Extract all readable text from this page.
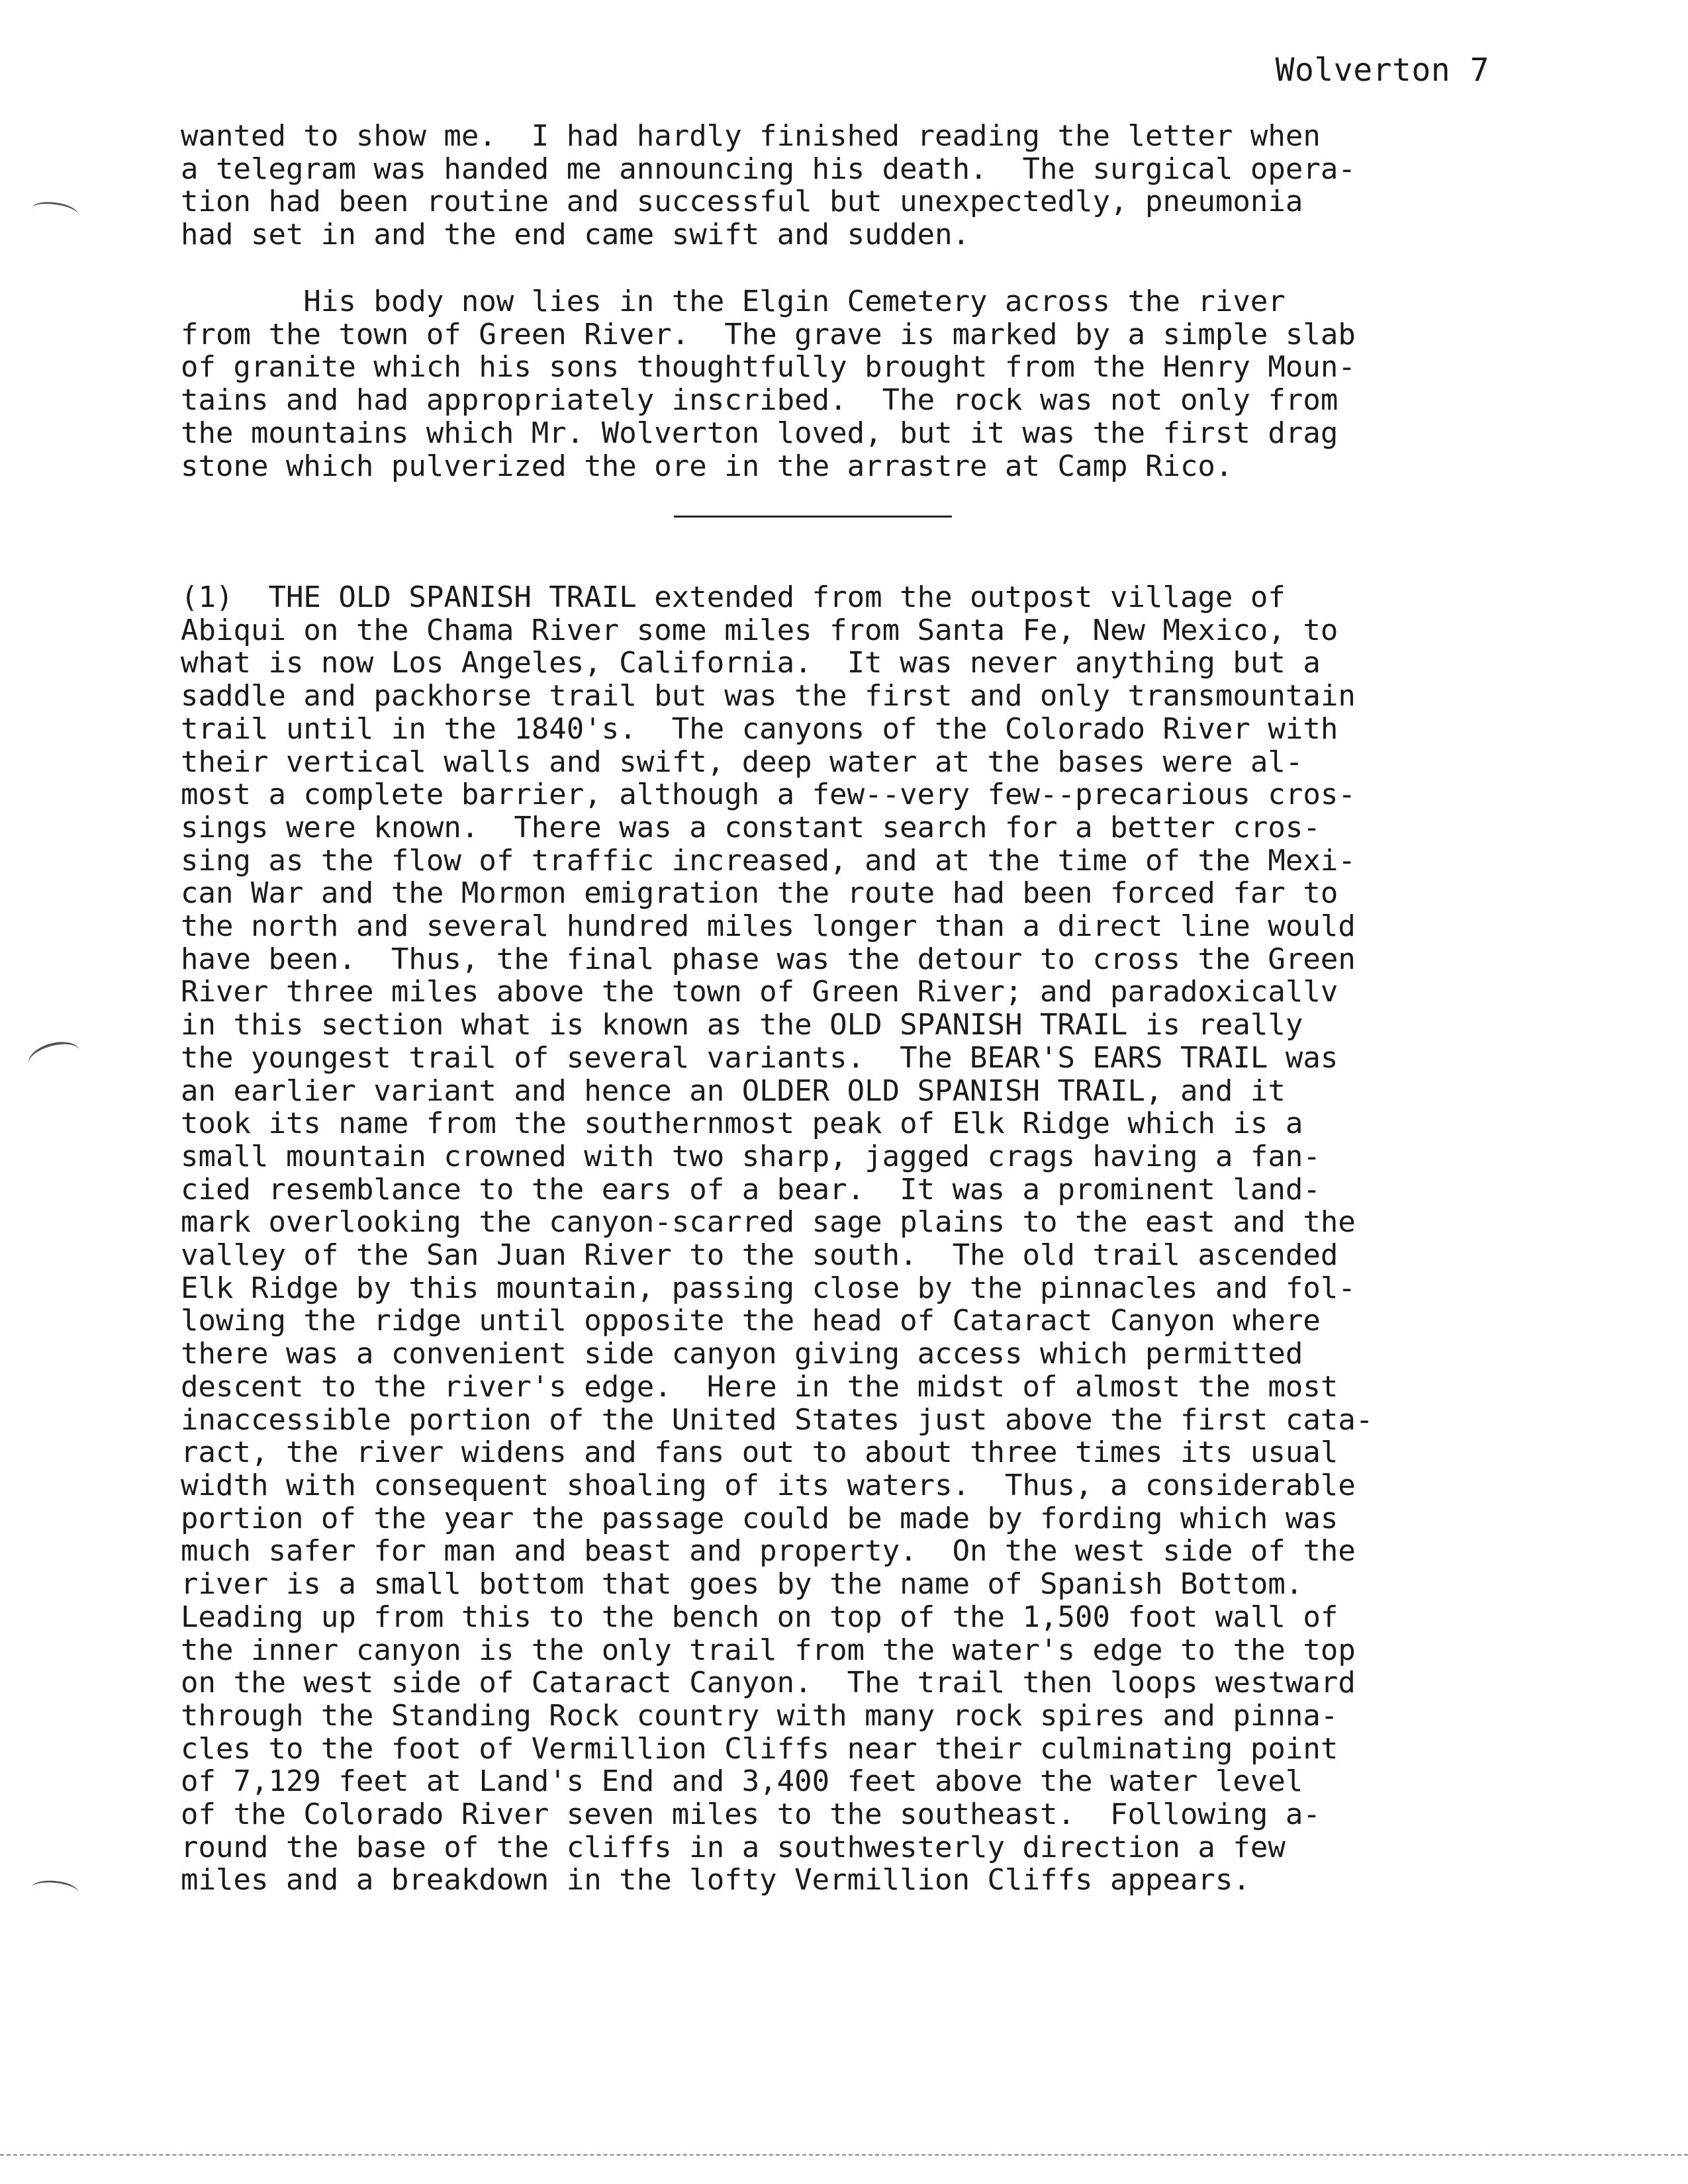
Wolverton 7
wanted to show me.  I had hardly finished reading the letter when
a telegram was handed me announcing his death.  The surgical opera-
tion had been routine and successful but unexpectedly, pneumonia
had set in and the end came swift and sudden.
His body now lies in the Elgin Cemetery across the river
from the town of Green River.  The grave is marked by a simple slab
of granite which his sons thoughtfully brought from the Henry Moun-
tains and had appropriately inscribed.  The rock was not only from
the mountains which Mr. Wolverton loved, but it was the first drag
stone which pulverized the ore in the arrastre at Camp Rico.
(1)  THE OLD SPANISH TRAIL extended from the outpost village of
Abiqui on the Chama River some miles from Santa Fe, New Mexico, to
what is now Los Angeles, California.  It was never anything but a
saddle and packhorse trail but was the first and only transmountain
trail until in the 1840's.  The canyons of the Colorado River with
their vertical walls and swift, deep water at the bases were al-
most a complete barrier, although a few--very few--precarious cros-
sings were known.  There was a constant search for a better cros-
sing as the flow of traffic increased, and at the time of the Mexi-
can War and the Mormon emigration the route had been forced far to
the north and several hundred miles longer than a direct line would
have been.  Thus, the final phase was the detour to cross the Green
River three miles above the town of Green River; and paradoxicallv
in this section what is known as the OLD SPANISH TRAIL is really
the youngest trail of several variants.  The BEAR'S EARS TRAIL was
an earlier variant and hence an OLDER OLD SPANISH TRAIL, and it
took its name from the southernmost peak of Elk Ridge which is a
small mountain crowned with two sharp, jagged crags having a fan-
cied resemblance to the ears of a bear.  It was a prominent land-
mark overlooking the canyon-scarred sage plains to the east and the
valley of the San Juan River to the south.  The old trail ascended
Elk Ridge by this mountain, passing close by the pinnacles and fol-
lowing the ridge until opposite the head of Cataract Canyon where
there was a convenient side canyon giving access which permitted
descent to the river's edge.  Here in the midst of almost the most
inaccessible portion of the United States just above the first cata-
ract, the river widens and fans out to about three times its usual
width with consequent shoaling of its waters.  Thus, a considerable
portion of the year the passage could be made by fording which was
much safer for man and beast and property.  On the west side of the
river is a small bottom that goes by the name of Spanish Bottom.
Leading up from this to the bench on top of the 1,500 foot wall of
the inner canyon is the only trail from the water's edge to the top
on the west side of Cataract Canyon.  The trail then loops westward
through the Standing Rock country with many rock spires and pinna-
cles to the foot of Vermillion Cliffs near their culminating point
of 7,129 feet at Land's End and 3,400 feet above the water level
of the Colorado River seven miles to the southeast.  Following a-
round the base of the cliffs in a southwesterly direction a few
miles and a breakdown in the lofty Vermillion Cliffs appears.
